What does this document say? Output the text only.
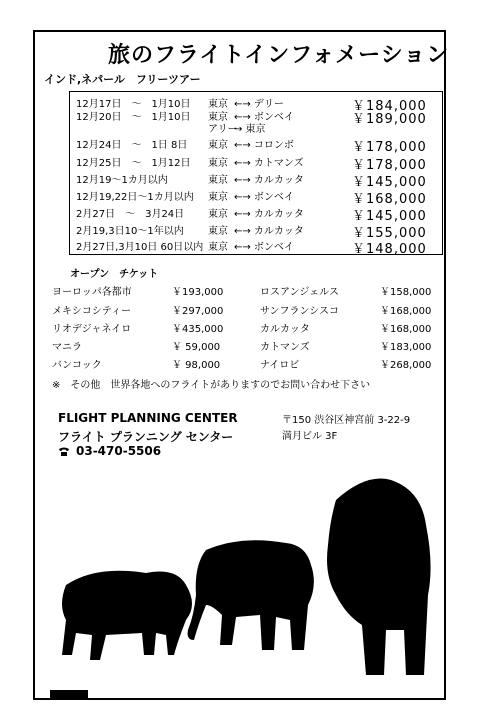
旅のフライトインフォメーション
インド,ネパール　フリーツアー
12月17日　～　1月10日 東京 ←→ デリー	￥184,000
12月20日　～　1月10日 東京 ←→ ボンベイ	￥189,000
アリー
→ 東京
12月24日　～　1日 8日 東京 ←→ コロンボ	￥178,000
12月25日　～　1月12日 東京 ←→ カトマンズ	￥178,000
12月19～1カ月以内	東京 ←→ カルカッタ	￥145,000
12月19,22日～1カ月以内 東京 ←→ ボンベイ	￥168,000
2月27日　～　3月24日 東京 ←→ カルカッタ	￥145,000
2月19,3日10～1年以内 東京 ←→ カルカッタ	￥155,000
2月27日,3月10日 60日以内 東京 ←→ ボンベイ	￥148,000
オープン　チケット
ヨーロッパ各都市	￥193,000	ロスアンジェルス	￥158,000
メキシコシティー	￥297,000	サンフランシスコ	￥168,000
リオデジャネイロ	￥435,000	カルカッタ	￥168,000
マニラ	￥ 59,000	カトマンズ	￥183,000
バンコック	￥ 98,000	ナイロビ	￥268,000
※　その他　世界各地へのフライトがありますのでお問い合わせ下さい
FLIGHT PLANNING CENTER
フライト プランニング センター
03-470-5506
〒150 渋谷区神宮前 3-22-9
満月ビル 3F
